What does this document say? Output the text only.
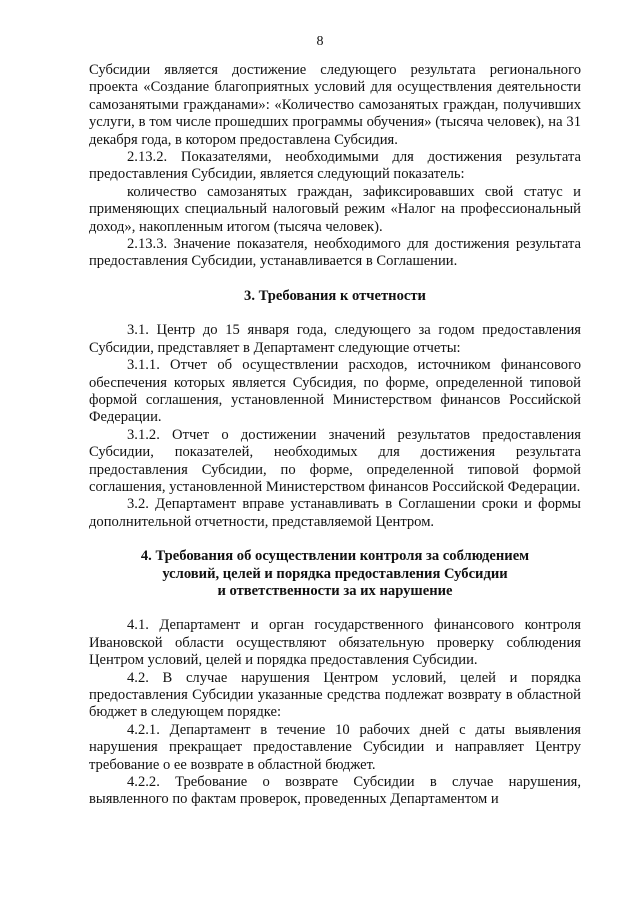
8

Субсидии является достижение следующего результата регионального проекта «Создание благоприятных условий для осуществления деятельности самозанятыми гражданами»: «Количество самозанятых граждан, получивших услуги, в том числе прошедших программы обучения» (тысяча человек), на 31 декабря года, в котором предоставлена Субсидия.

2.13.2. Показателями, необходимыми для достижения результата предоставления Субсидии, является следующий показатель:

количество самозанятых граждан, зафиксировавших свой статус и применяющих специальный налоговый режим «Налог на профессиональный доход», накопленным итогом (тысяча человек).

2.13.3. Значение показателя, необходимого для достижения результата предоставления Субсидии, устанавливается в Соглашении.

3. Требования к отчетности

3.1. Центр до 15 января года, следующего за годом предоставления Субсидии, представляет в Департамент следующие отчеты:

3.1.1. Отчет об осуществлении расходов, источником финансового обеспечения которых является Субсидия, по форме, определенной типовой формой соглашения, установленной Министерством финансов Российской Федерации.

3.1.2. Отчет о достижении значений результатов предоставления Субсидии, показателей, необходимых для достижения результата предоставления Субсидии, по форме, определенной типовой формой соглашения, установленной Министерством финансов Российской Федерации.

3.2. Департамент вправе устанавливать в Соглашении сроки и формы дополнительной отчетности, представляемой Центром.

4. Требования об осуществлении контроля за соблюдением
условий, целей и порядка предоставления Субсидии
и ответственности за их нарушение

4.1. Департамент и орган государственного финансового контроля Ивановской области осуществляют обязательную проверку соблюдения Центром условий, целей и порядка предоставления Субсидии.

4.2. В случае нарушения Центром условий, целей и порядка предоставления Субсидии указанные средства подлежат возврату в областной бюджет в следующем порядке:

4.2.1. Департамент в течение 10 рабочих дней с даты выявления нарушения прекращает предоставление Субсидии и направляет Центру требование о ее возврате в областной бюджет.

4.2.2. Требование о возврате Субсидии в случае нарушения, выявленного по фактам проверок, проведенных Департаментом и
